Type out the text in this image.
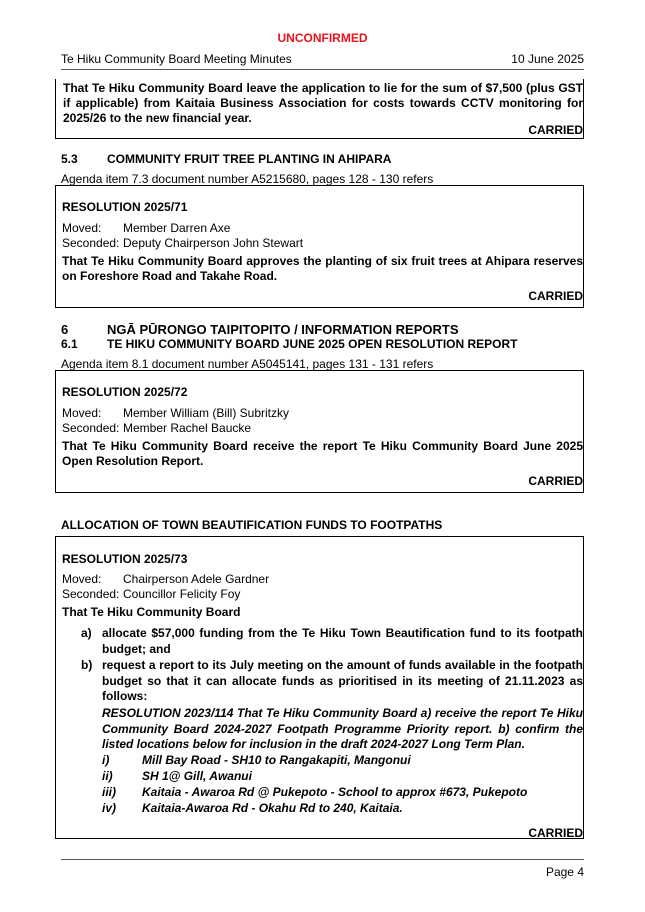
UNCONFIRMED
Te Hiku Community Board Meeting Minutes	10 June 2025
That Te Hiku Community Board leave the application to lie for the sum of $7,500 (plus GST if applicable) from Kaitaia Business Association for costs towards CCTV monitoring for 2025/26 to the new financial year.
CARRIED
5.3 COMMUNITY FRUIT TREE PLANTING IN AHIPARA
Agenda item 7.3 document number A5215680, pages 128 - 130 refers
RESOLUTION 2025/71
Moved:	Member Darren Axe
Seconded: Deputy Chairperson John Stewart
That Te Hiku Community Board approves the planting of six fruit trees at Ahipara reserves on Foreshore Road and Takahe Road.
CARRIED
6	NGĀ PŪRONGO TAIPITOPITO / INFORMATION REPORTS
6.1 TE HIKU COMMUNITY BOARD JUNE 2025 OPEN RESOLUTION REPORT
Agenda item 8.1 document number A5045141, pages 131 - 131 refers
RESOLUTION 2025/72
Moved:	Member William (Bill) Subritzky
Seconded: Member Rachel Baucke
That Te Hiku Community Board receive the report Te Hiku Community Board June 2025 Open Resolution Report.
CARRIED
ALLOCATION OF TOWN BEAUTIFICATION FUNDS TO FOOTPATHS
RESOLUTION 2025/73
Moved:	Chairperson Adele Gardner
Seconded: Councillor Felicity Foy
That Te Hiku Community Board
a) allocate $57,000 funding from the Te Hiku Town Beautification fund to its footpath budget; and
b) request a report to its July meeting on the amount of funds available in the footpath budget so that it can allocate funds as prioritised in its meeting of 21.11.2023 as follows:
RESOLUTION 2023/114 That Te Hiku Community Board a) receive the report Te Hiku Community Board 2024-2027 Footpath Programme Priority report. b) confirm the listed locations below for inclusion in the draft 2024-2027 Long Term Plan.
i)	Mill Bay Road - SH10 to Rangakapiti, Mangonui
ii) SH 1@ Gill, Awanui
iii) Kaitaia - Awaroa Rd @ Pukepoto - School to approx #673, Pukepoto
iv) Kaitaia-Awaroa Rd - Okahu Rd to 240, Kaitaia.
CARRIED
Page 4
